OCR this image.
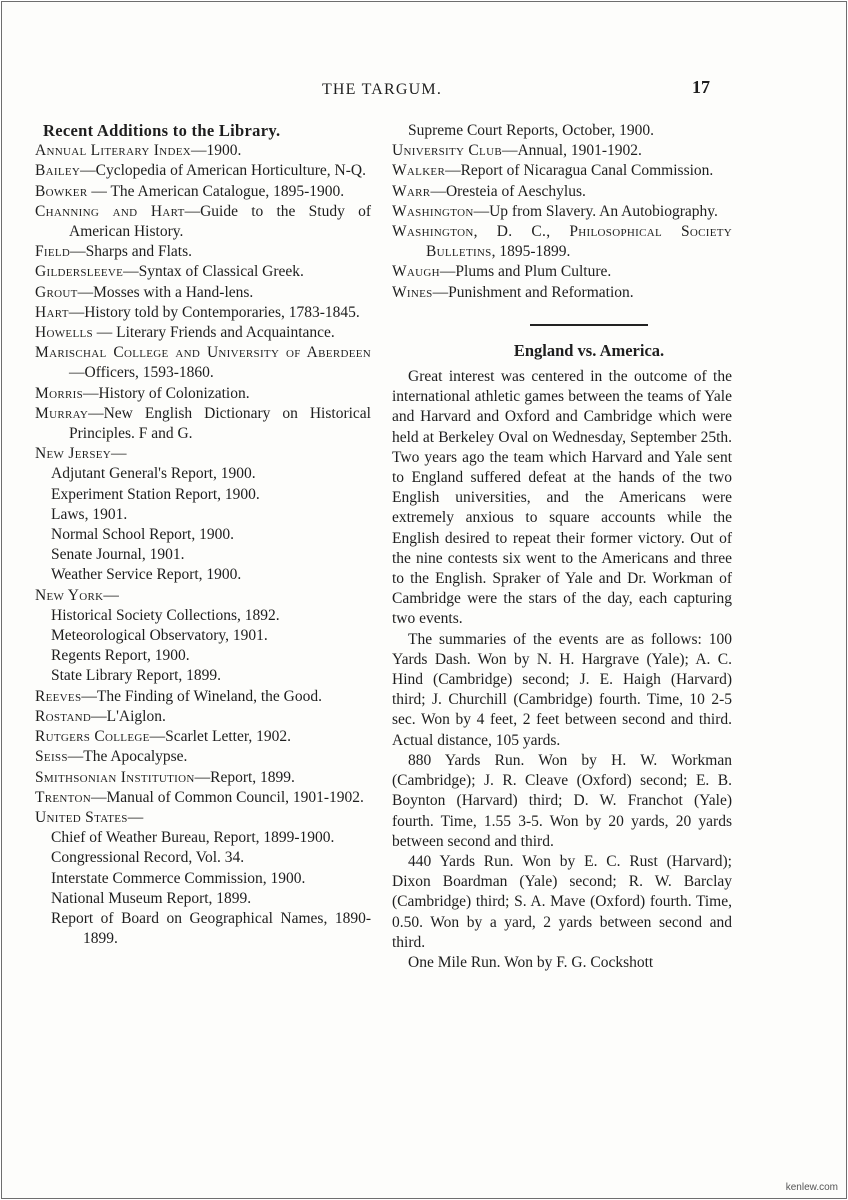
THE TARGUM.	17
Recent Additions to the Library.
Annual Literary Index—1900.
Bailey—Cyclopedia of American Horticulture, N-Q.
Bowker — The American Catalogue, 1895-1900.
Channing and Hart—Guide to the Study of American History.
Field—Sharps and Flats.
Gildersleeve—Syntax of Classical Greek.
Grout—Mosses with a Hand-lens.
Hart—History told by Contemporaries, 1783-1845.
Howells — Literary Friends and Acquaintance.
Marischal College and University of Aberdeen—Officers, 1593-1860.
Morris—History of Colonization.
Murray—New English Dictionary on Historical Principles. F and G.
New Jersey—
Adjutant General's Report, 1900.
Experiment Station Report, 1900.
Laws, 1901.
Normal School Report, 1900.
Senate Journal, 1901.
Weather Service Report, 1900.
New York—
Historical Society Collections, 1892.
Meteorological Observatory, 1901.
Regents Report, 1900.
State Library Report, 1899.
Reeves—The Finding of Wineland, the Good.
Rostand—L'Aiglon.
Rutgers College—Scarlet Letter, 1902.
Seiss—The Apocalypse.
Smithsonian Institution—Report, 1899.
Trenton—Manual of Common Council, 1901-1902.
United States—
Chief of Weather Bureau, Report, 1899-1900.
Congressional Record, Vol. 34.
Interstate Commerce Commission, 1900.
National Museum Report, 1899.
Report of Board on Geographical Names, 1890-1899.
Supreme Court Reports, October, 1900.
University Club—Annual, 1901-1902.
Walker—Report of Nicaragua Canal Commission.
Warr—Oresteia of Aeschylus.
Washington—Up from Slavery. An Autobiography.
Washington, D. C., Philosophical Society Bulletins, 1895-1899.
Waugh—Plums and Plum Culture.
Wines—Punishment and Reformation.
England vs. America.
Great interest was centered in the outcome of the international athletic games between the teams of Yale and Harvard and Oxford and Cambridge which were held at Berkeley Oval on Wednesday, September 25th. Two years ago the team which Harvard and Yale sent to England suffered defeat at the hands of the two English universities, and the Americans were extremely anxious to square accounts while the English desired to repeat their former victory. Out of the nine contests six went to the Americans and three to the English. Spraker of Yale and Dr. Workman of Cambridge were the stars of the day, each capturing two events.
The summaries of the events are as follows: 100 Yards Dash. Won by N. H. Hargrave (Yale); A. C. Hind (Cambridge) second; J. E. Haigh (Harvard) third; J. Churchill (Cambridge) fourth. Time, 10 2-5 sec. Won by 4 feet, 2 feet between second and third. Actual distance, 105 yards.
880 Yards Run. Won by H. W. Workman (Cambridge); J. R. Cleave (Oxford) second; E. B. Boynton (Harvard) third; D. W. Franchot (Yale) fourth. Time, 1.55 3-5. Won by 20 yards, 20 yards between second and third.
440 Yards Run. Won by E. C. Rust (Harvard); Dixon Boardman (Yale) second; R. W. Barclay (Cambridge) third; S. A. Mave (Oxford) fourth. Time, 0.50. Won by a yard, 2 yards between second and third.
One Mile Run. Won by F. G. Cockshott
kenlew.com
